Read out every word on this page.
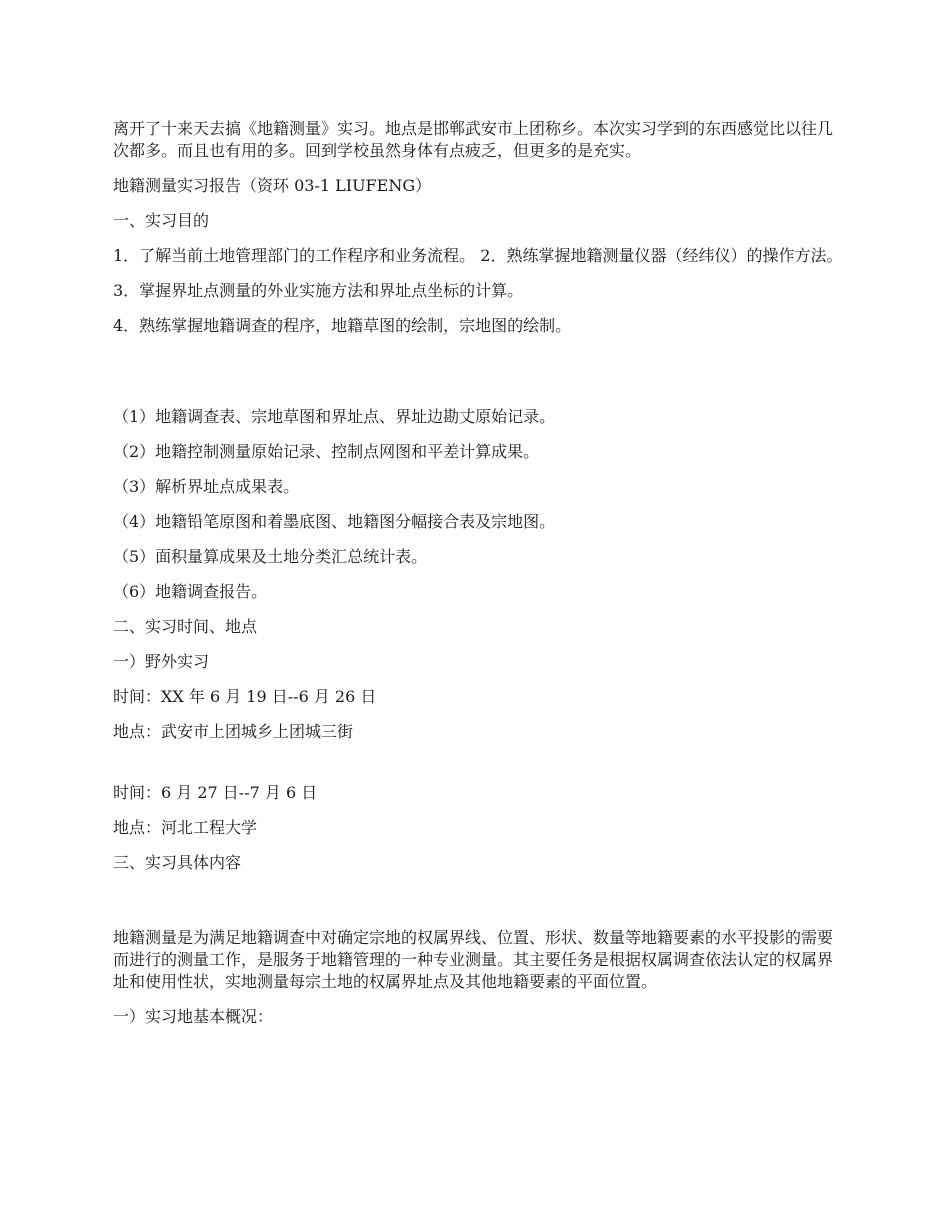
离开了十来天去搞《地籍测量》实习。地点是邯郸武安市上团称乡。本次实习学到的东西感觉比以往几次都多。而且也有用的多。回到学校虽然身体有点疲乏，但更多的是充实。

地籍测量实习报告（资环 03-1 LIUFENG）

一、实习目的

1．了解当前土地管理部门的工作程序和业务流程。 2．熟练掌握地籍测量仪器（经纬仪）的操作方法。

3．掌握界址点测量的外业实施方法和界址点坐标的计算。

4．熟练掌握地籍调查的程序，地籍草图的绘制，宗地图的绘制。

（1）地籍调查表、宗地草图和界址点、界址边勘丈原始记录。

（2）地籍控制测量原始记录、控制点网图和平差计算成果。

（3）解析界址点成果表。

（4）地籍铅笔原图和着墨底图、地籍图分幅接合表及宗地图。

（5）面积量算成果及土地分类汇总统计表。

（6）地籍调查报告。

二、实习时间、地点

一）野外实习

时间：XX 年 6 月 19 日--6 月 26 日

地点：武安市上团城乡上团城三街

时间：6 月 27 日--7 月 6 日

地点：河北工程大学

三、实习具体内容

地籍测量是为满足地籍调查中对确定宗地的权属界线、位置、形状、数量等地籍要素的水平投影的需要而进行的测量工作，是服务于地籍管理的一种专业测量。其主要任务是根据权属调查依法认定的权属界址和使用性状，实地测量每宗土地的权属界址点及其他地籍要素的平面位置。

一）实习地基本概况：
